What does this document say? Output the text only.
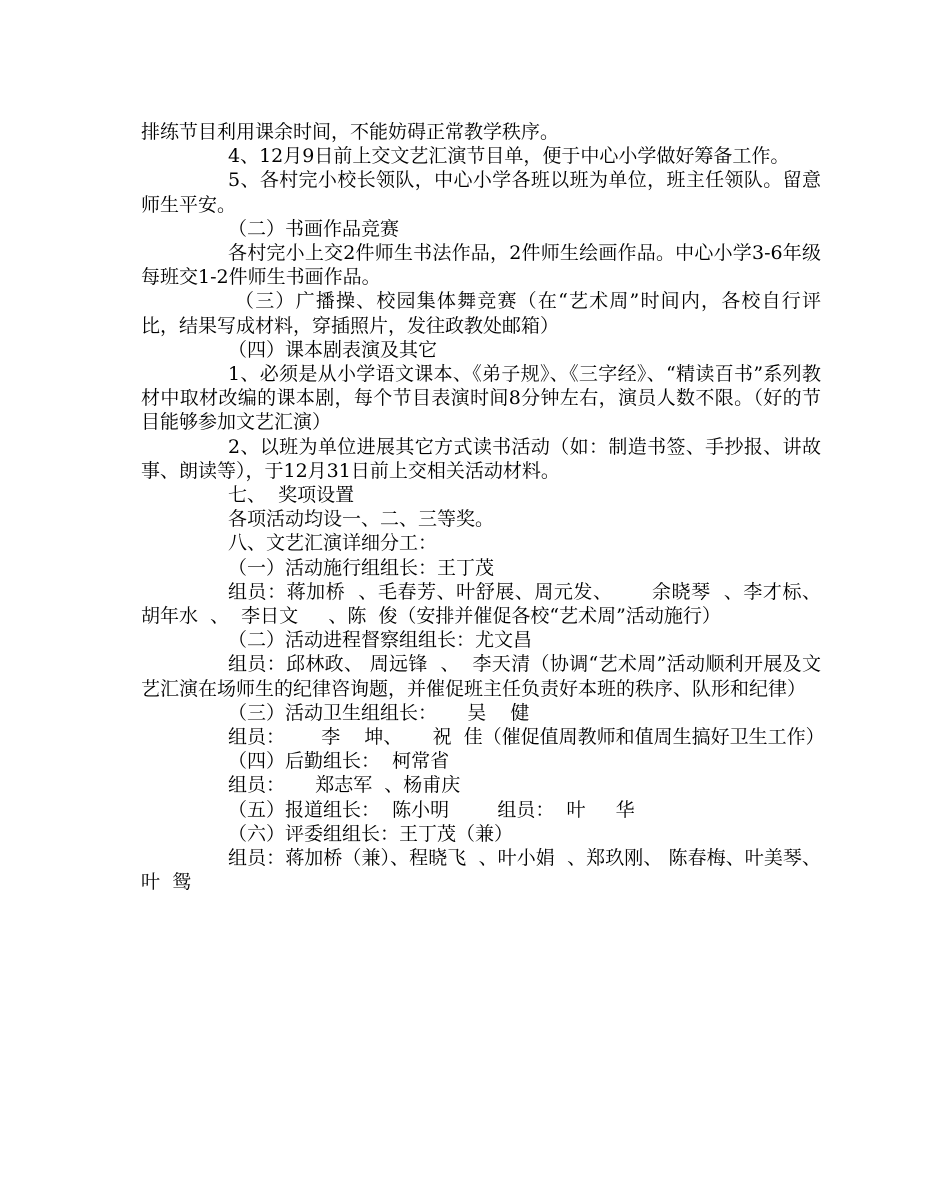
排练节目利用课余时间，不能妨碍正常教学秩序。

4、12月9日前上交文艺汇演节目单，便于中心小学做好筹备工作。

5、各村完小校长领队，中心小学各班以班为单位，班主任领队。留意师生平安。

（二）书画作品竞赛

各村完小上交2件师生书法作品，2件师生绘画作品。中心小学3-6年级每班交1-2件师生书画作品。

（三）广播操、校园集体舞竞赛（在“艺术周”时间内，各校自行评比，结果写成材料，穿插照片，发往政教处邮箱）

（四）课本剧表演及其它

1、必须是从小学语文课本、《弟子规》、《三字经》、“精读百书”系列教材中取材改编的课本剧，每个节目表演时间8分钟左右，演员人数不限。（好的节目能够参加文艺汇演）

2、以班为单位进展其它方式读书活动（如：制造书签、手抄报、讲故事、朗读等），于12月31日前上交相关活动材料。

七、  奖项设置

各项活动均设一、二、三等奖。

八、文艺汇演详细分工：

（一）活动施行组组长：王丁茂

组员：蒋加桥  、毛春芳、叶舒展、周元发、      余晓琴  、李才标、      胡年水  、  李日文     、陈  俊（安排并催促各校“艺术周”活动施行）

（二）活动进程督察组组长：尤文昌

组员：邱林政、 周远锋  、  李天清（协调“艺术周”活动顺利开展及文艺汇演在场师生的纪律咨询题，并催促班主任负责好本班的秩序、队形和纪律）

（三）活动卫生组组长：     吴    健

组员：      李    坤、     祝  佳（催促值周教师和值周生搞好卫生工作）

（四）后勤组长：  柯常省

组员：     郑志军  、杨甫庆

（五）报道组长：  陈小明        组员：  叶     华

（六）评委组组长：王丁茂（兼）

组员：蒋加桥（兼）、程晓飞  、叶小娟  、郑玖刚、 陈春梅、叶美琴、  叶  鸳
